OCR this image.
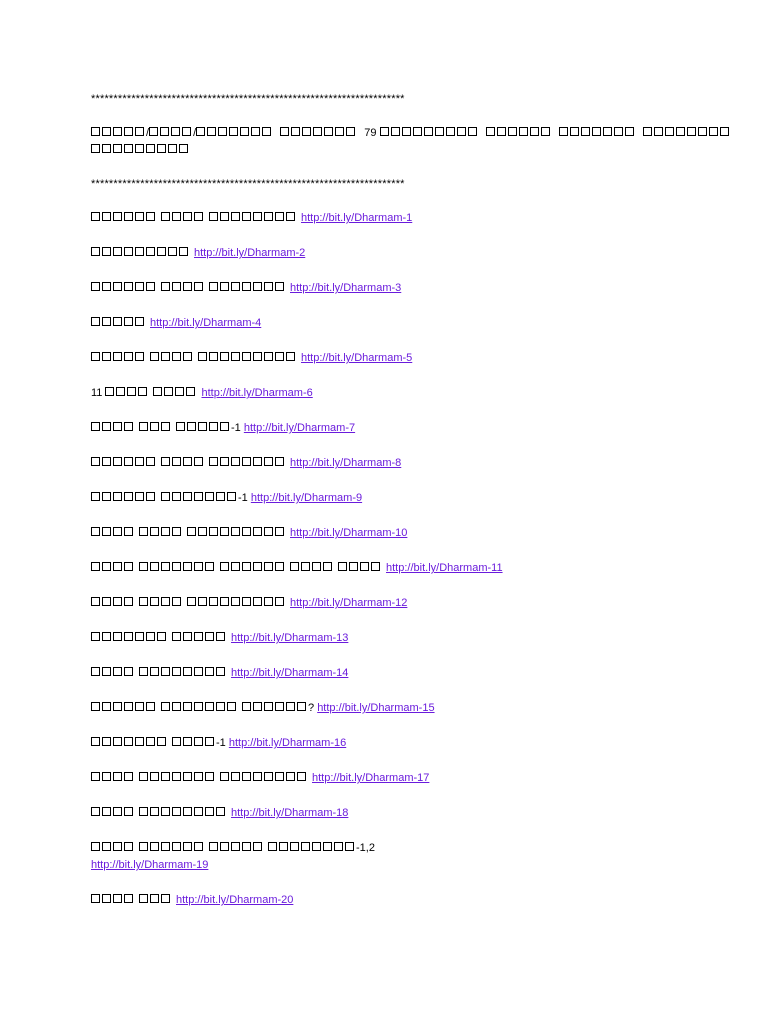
**********************************************************************

/	/	79

**********************************************************************

http://bit.ly/Dharmam-1
http://bit.ly/Dharmam-2
http://bit.ly/Dharmam-3
http://bit.ly/Dharmam-4
http://bit.ly/Dharmam-5
11	http://bit.ly/Dharmam-6
-1 http://bit.ly/Dharmam-7
http://bit.ly/Dharmam-8
-1 http://bit.ly/Dharmam-9
http://bit.ly/Dharmam-10
http://bit.ly/Dharmam-11
http://bit.ly/Dharmam-12
http://bit.ly/Dharmam-13
http://bit.ly/Dharmam-14
? http://bit.ly/Dharmam-15
-1 http://bit.ly/Dharmam-16
http://bit.ly/Dharmam-17
http://bit.ly/Dharmam-18
-1,2
http://bit.ly/Dharmam-19
http://bit.ly/Dharmam-20
